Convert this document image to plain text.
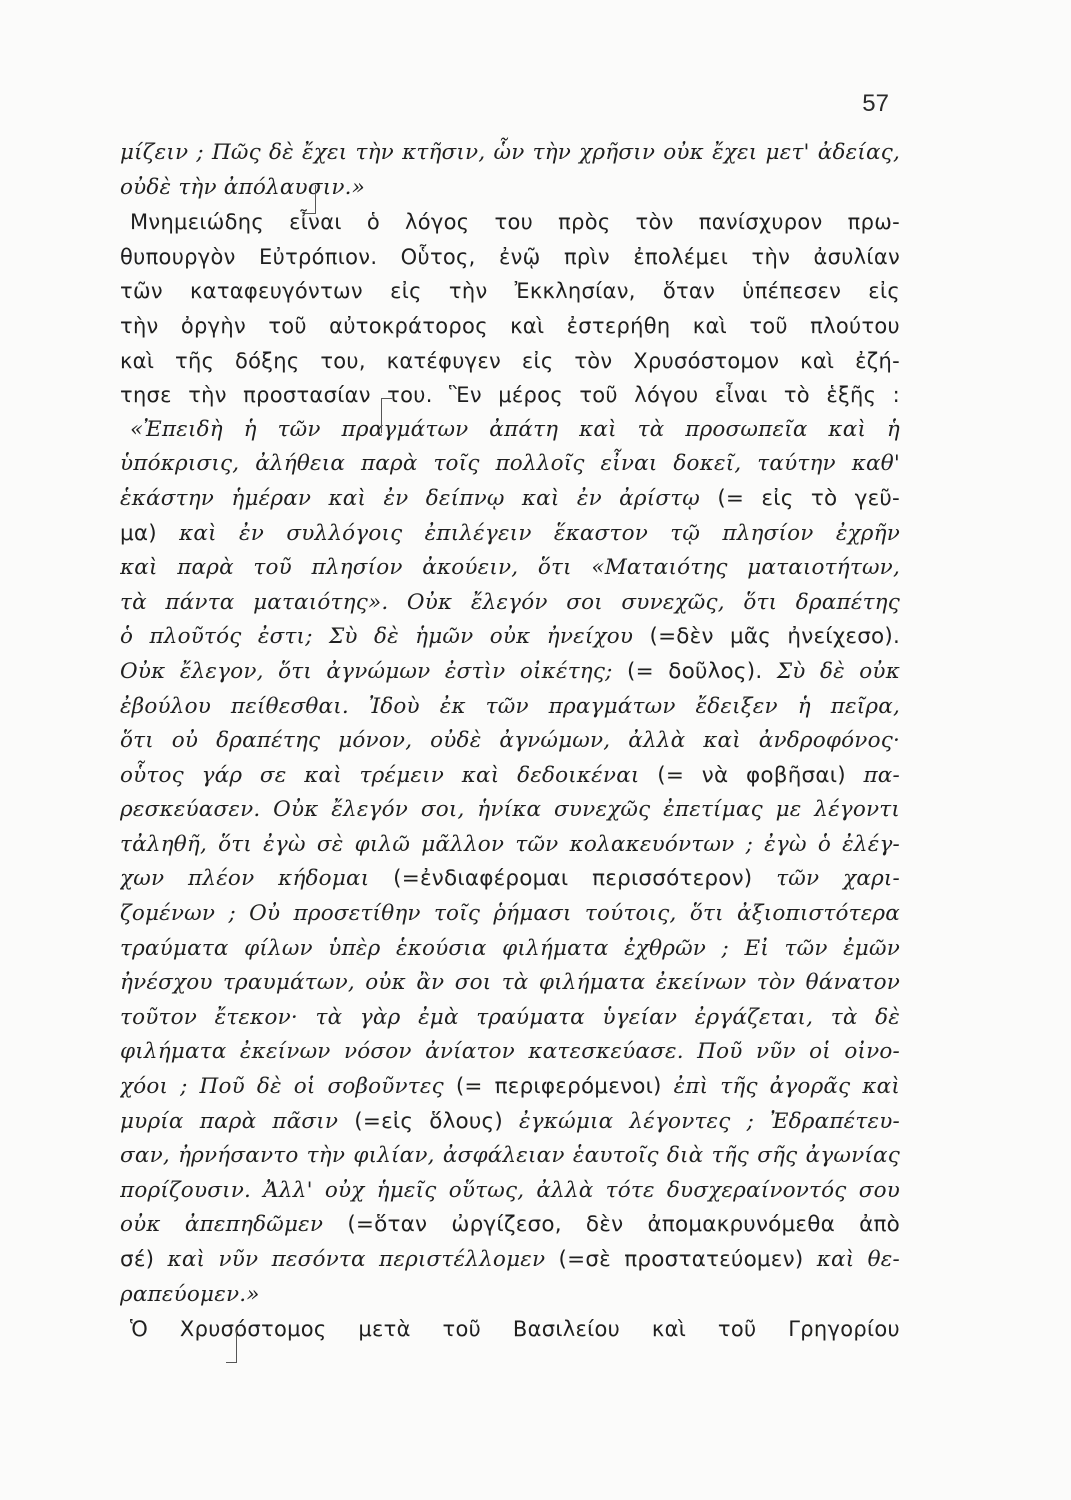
57
μίζειν ; Πῶς δὲ ἔχει τὴν κτῆσιν, ὧν τὴν χρῆσιν οὐκ ἔχει μετ' ἀδείας,
οὐδὲ τὴν ἀπόλαυσιν.»
Μνημειώδης εἶναι ὁ λόγος του πρὸς τὸν πανίσχυρον πρω-
θυπουργὸν Εὐτρόπιον. Οὗτος, ἐνῷ πρὶν ἐπολέμει τὴν ἀσυλίαν
τῶν καταφευγόντων εἰς τὴν Ἐκκλησίαν, ὅταν ὑπέπεσεν εἰς
τὴν ὀργὴν τοῦ αὐτοκράτορος καὶ ἐστερήθη καὶ τοῦ πλούτου
καὶ τῆς δόξης του, κατέφυγεν εἰς τὸν Χρυσόστομον καὶ ἐζή-
τησε τὴν προστασίαν του. Ἓν μέρος τοῦ λόγου εἶναι τὸ ἑξῆς :
«Ἐπειδὴ ἡ τῶν πραγμάτων ἀπάτη καὶ τὰ προσωπεῖα καὶ ἡ
ὑπόκρισις, ἀλήθεια παρὰ τοῖς πολλοῖς εἶναι δοκεῖ, ταύτην καθ'
ἑκάστην ἡμέραν καὶ ἐν δείπνῳ καὶ ἐν ἀρίστῳ (= εἰς τὸ γεῦ-
μα) καὶ ἐν συλλόγοις ἐπιλέγειν ἕκαστον τῷ πλησίον ἐχρῆν
καὶ παρὰ τοῦ πλησίον ἀκούειν, ὅτι «Ματαιότης ματαιοτήτων,
τὰ πάντα ματαιότης». Οὐκ ἔλεγόν σοι συνεχῶς, ὅτι δραπέτης
ὁ πλοῦτός ἐστι; Σὺ δὲ ἡμῶν οὐκ ἠνείχου (=δὲν μᾶς ἠνείχεσο).
Οὐκ ἔλεγον, ὅτι ἀγνώμων ἐστὶν οἰκέτης; (= δοῦλος). Σὺ δὲ οὐκ
ἐβούλου πείθεσθαι. Ἰδοὺ ἐκ τῶν πραγμάτων ἔδειξεν ἡ πεῖρα,
ὅτι οὐ δραπέτης μόνον, οὐδὲ ἀγνώμων, ἀλλὰ καὶ ἀνδροφόνος·
οὗτος γάρ σε καὶ τρέμειν καὶ δεδοικέναι (= νὰ φοβῆσαι) πα-
ρεσκεύασεν. Οὐκ ἔλεγόν σοι, ἡνίκα συνεχῶς ἐπετίμας με λέγοντι
τἀληθῆ, ὅτι ἐγὼ σὲ φιλῶ μᾶλλον τῶν κολακευόντων ; ἐγὼ ὁ ἐλέγ-
χων πλέον κήδομαι (=ἐνδιαφέρομαι περισσότερον) τῶν χαρι-
ζομένων ; Οὐ προσετίθην τοῖς ῥήμασι τούτοις, ὅτι ἀξιοπιστότερα
τραύματα φίλων ὑπὲρ ἑκούσια φιλήματα ἐχθρῶν ; Εἰ τῶν ἐμῶν
ἠνέσχου τραυμάτων, οὐκ ἂν σοι τὰ φιλήματα ἐκείνων τὸν θάνατον
τοῦτον ἔτεκον· τὰ γὰρ ἐμὰ τραύματα ὑγείαν ἐργάζεται, τὰ δὲ
φιλήματα ἐκείνων νόσον ἀνίατον κατεσκεύασε. Ποῦ νῦν οἱ οἰνο-
χόοι ; Ποῦ δὲ οἱ σοβοῦντες (= περιφερόμενοι) ἐπὶ τῆς ἀγορᾶς καὶ
μυρία παρὰ πᾶσιν (=εἰς ὅλους) ἐγκώμια λέγοντες ; Ἐδραπέτευ-
σαν, ἠρνήσαντο τὴν φιλίαν, ἀσφάλειαν ἑαυτοῖς διὰ τῆς σῆς ἀγωνίας
πορίζουσιν. Ἀλλ' οὐχ ἡμεῖς οὕτως, ἀλλὰ τότε δυσχεραίνοντός σου
οὐκ ἀπεπηδῶμεν (=ὅταν ὠργίζεσο, δὲν ἀπομακρυνόμεθα ἀπὸ
σέ) καὶ νῦν πεσόντα περιστέλλομεν (=σὲ προστατεύομεν) καὶ θε-
ραπεύομεν.»
Ὁ Χρυσόστομος μετὰ τοῦ Βασιλείου καὶ τοῦ Γρηγορίου
